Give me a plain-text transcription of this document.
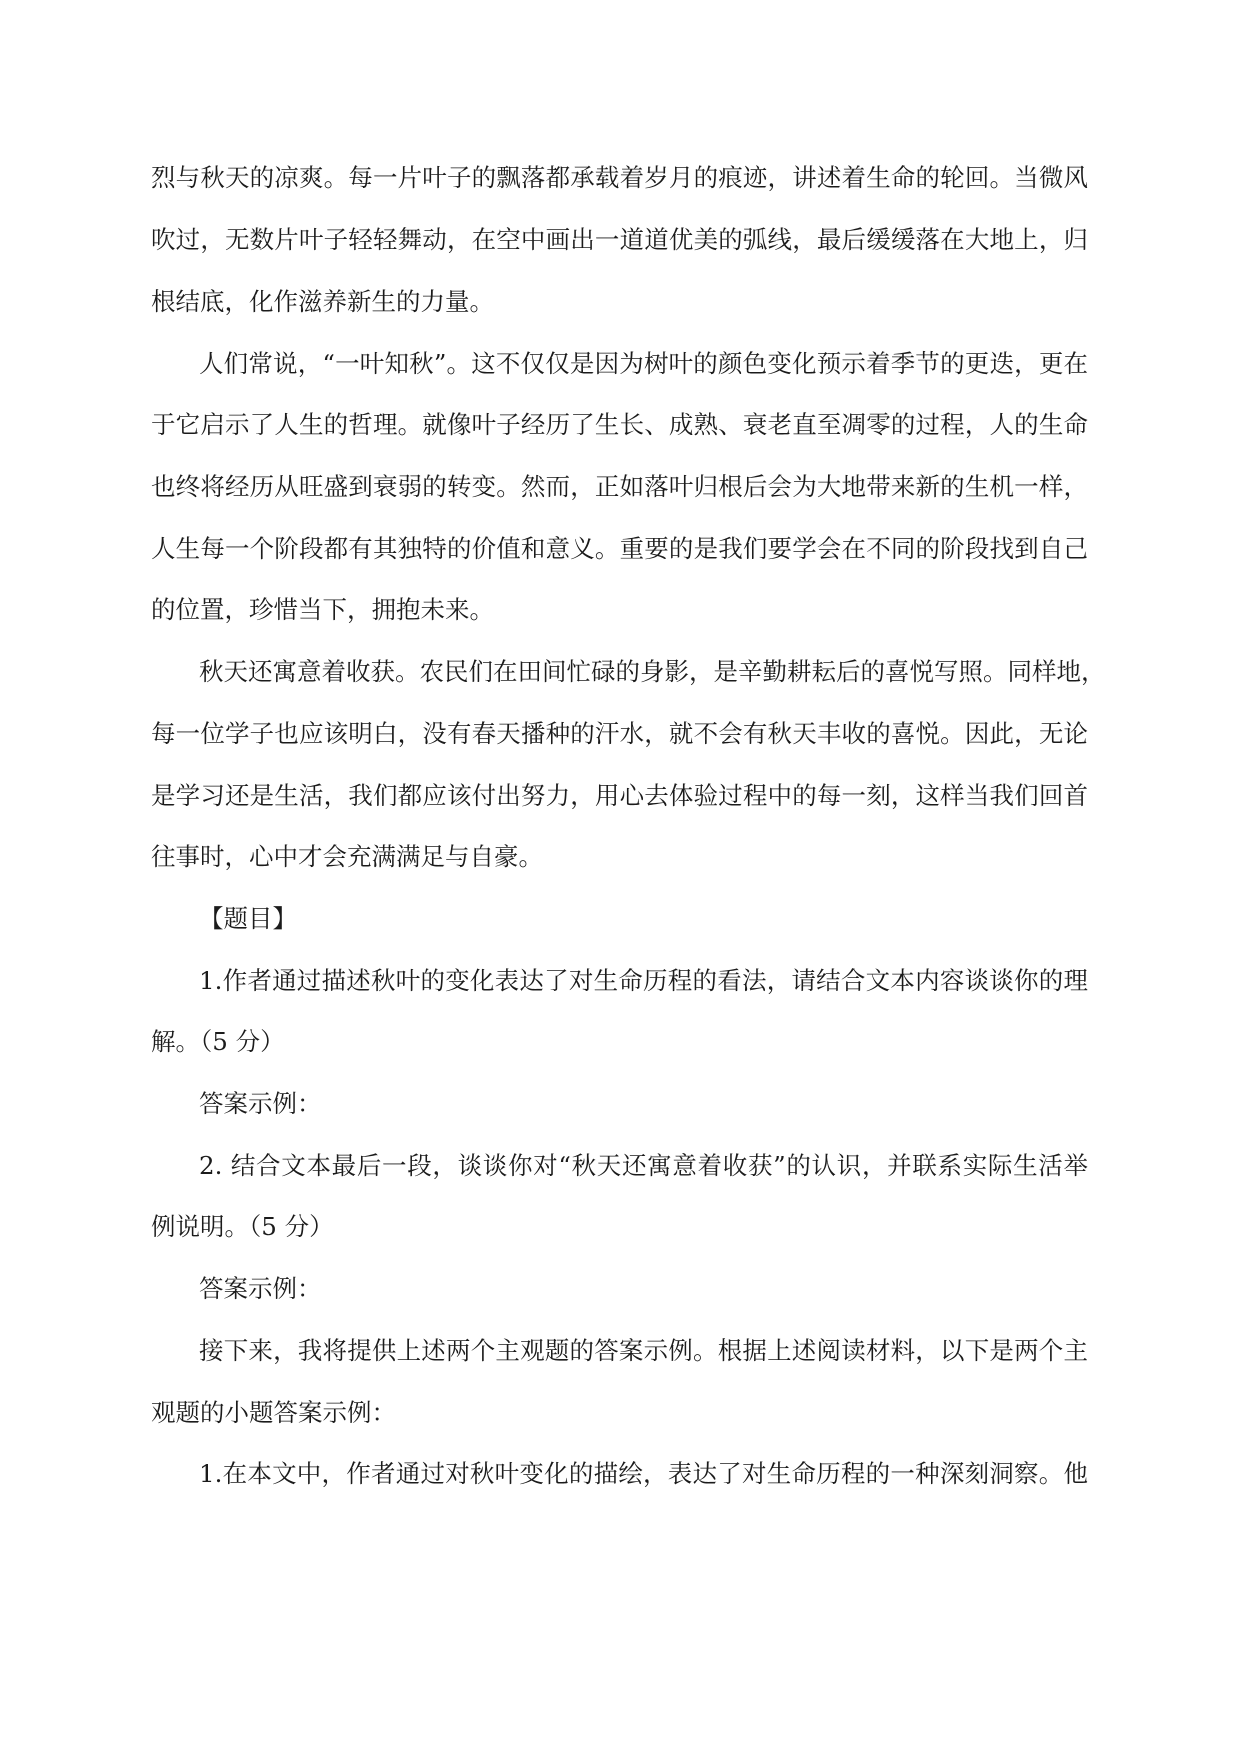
烈与秋天的凉爽。每一片叶子的飘落都承载着岁月的痕迹，讲述着生命的轮回。当微风
吹过，无数片叶子轻轻舞动，在空中画出一道道优美的弧线，最后缓缓落在大地上，归
根结底，化作滋养新生的力量。
人们常说，“一叶知秋”。这不仅仅是因为树叶的颜色变化预示着季节的更迭，更在
于它启示了人生的哲理。就像叶子经历了生长、成熟、衰老直至凋零的过程，人的生命
也终将经历从旺盛到衰弱的转变。然而，正如落叶归根后会为大地带来新的生机一样，
人生每一个阶段都有其独特的价值和意义。重要的是我们要学会在不同的阶段找到自己
的位置，珍惜当下，拥抱未来。
秋天还寓意着收获。农民们在田间忙碌的身影，是辛勤耕耘后的喜悦写照。同样地，
每一位学子也应该明白，没有春天播种的汗水，就不会有秋天丰收的喜悦。因此，无论
是学习还是生活，我们都应该付出努力，用心去体验过程中的每一刻，这样当我们回首
往事时，心中才会充满满足与自豪。
【题目】
1.作者通过描述秋叶的变化表达了对生命历程的看法，请结合文本内容谈谈你的理
解。（5 分）
答案示例：
2. 结合文本最后一段，谈谈你对“秋天还寓意着收获”的认识，并联系实际生活举
例说明。（5 分）
答案示例：
接下来，我将提供上述两个主观题的答案示例。根据上述阅读材料，以下是两个主
观题的小题答案示例：
1.在本文中，作者通过对秋叶变化的描绘，表达了对生命历程的一种深刻洞察。他
